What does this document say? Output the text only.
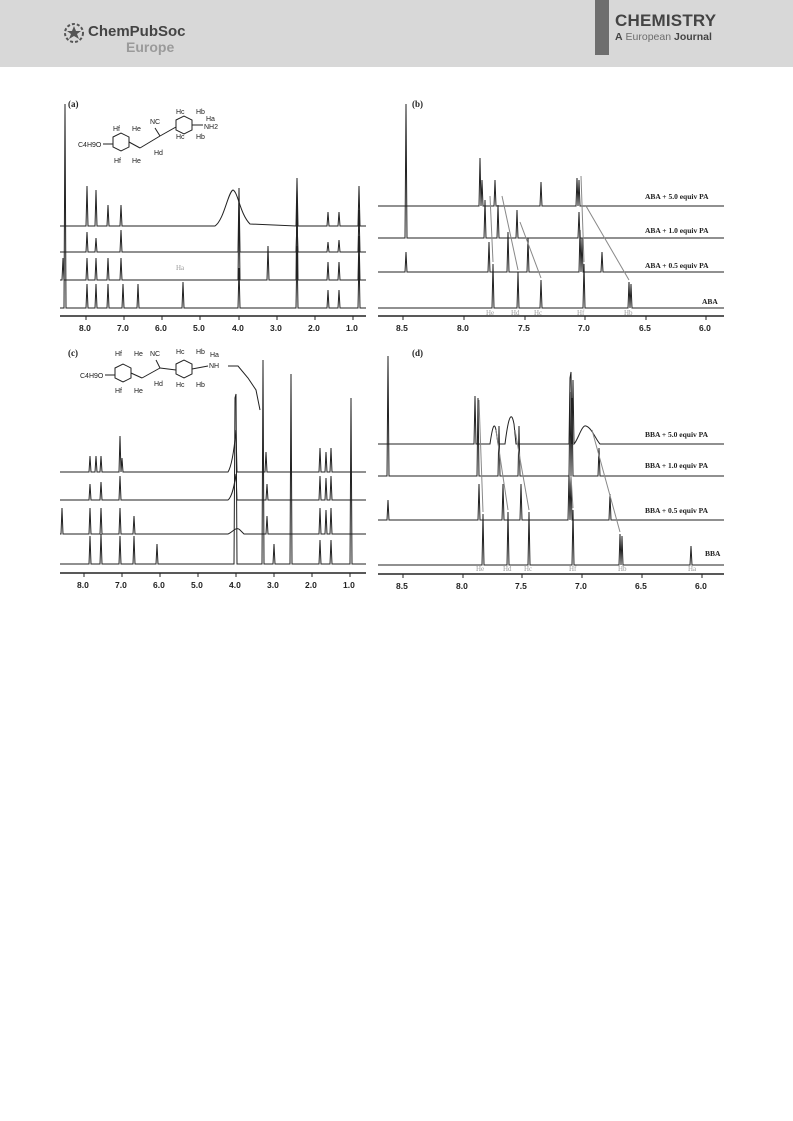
ChemPubSoc
Europe
CHEMISTRY
A European Journal
(a)
Hf He
NC
Hc Hb
Ha
NH2
C4H9O
Hd
Hf He
Hc Hb
Ha
8.0	7.0	6.0	5.0	4.0	3.0	2.0	1.0
(b)
ABA + 5.0 equiv PA
ABA + 1.0 equiv PA
ABA + 0.5 equiv PA
ABA
He Hd Hc	Hf	Hb
8.5	8.0	7.5	7.0	6.5	6.0
(c)	Hf He NC Hc Hb Ha
NH
C4H9O
Hd
Hf He
Hc Hb
8.0	7.0	6.0	5.0	4.0	3.0	2.0	1.0
(d)
BBA + 5.0 equiv PA
BBA + 1.0 equiv PA
BBA + 0.5 equiv PA
BBA
He	Hd Hc	Hf	Hb	Ha
8.5	8.0	7.5	7.0	6.5	6.0
